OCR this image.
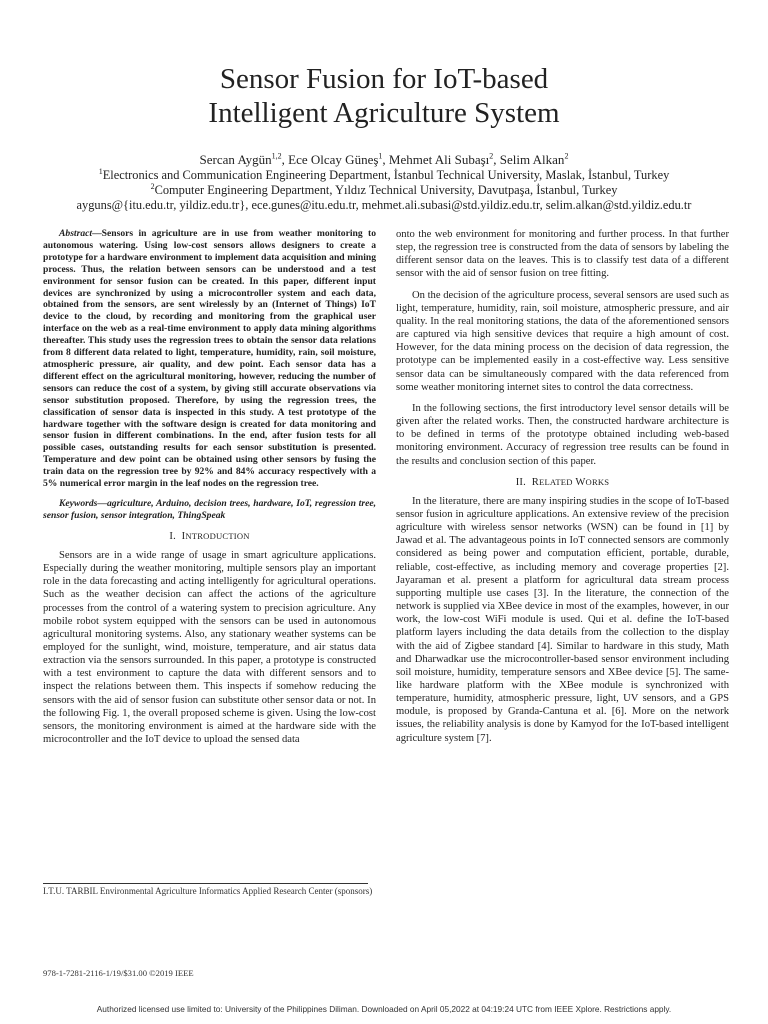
Sensor Fusion for IoT-based
Intelligent Agriculture System
Sercan Aygün$^{1,2}$, Ece Olcay Güneş$^1$, Mehmet Ali Subaşı$^2$, Selim Alkan$^2$
$^1$Electronics and Communication Engineering Department, İstanbul Technical University, Maslak, İstanbul, Turkey
$^2$Computer Engineering Department, Yıldız Technical University, Davutpaşa, İstanbul, Turkey
ayguns@{itu.edu.tr, yildiz.edu.tr}, ece.gunes@itu.edu.tr, mehmet.ali.subasi@std.yildiz.edu.tr, selim.alkan@std.yildiz.edu.tr

Abstract—Sensors in agriculture are in use from weather monitoring to autonomous watering. Using low-cost sensors allows designers to create a prototype for a hardware environment to implement data acquisition and mining process. Thus, the relation between sensors can be understood and a test environment for sensor fusion can be created. In this paper, different input devices are synchronized by using a microcontroller system and each data, obtained from the sensors, are sent wirelessly by an (Internet of Things) IoT device to the cloud, by recording and monitoring from the graphical user interface on the web as a real-time environment to apply data mining algorithms thereafter. This study uses the regression trees to obtain the sensor data relations from 8 different data related to light, temperature, humidity, rain, soil moisture, atmospheric pressure, air quality, and dew point. Each sensor data has a different effect on the agricultural monitoring, however, reducing the number of sensors can reduce the cost of a system, by giving still accurate observations via sensor substitution proposed. Therefore, by using the regression trees, the classification of sensor data is inspected in this study. A test prototype of the hardware together with the software design is created for data monitoring and sensor fusion in different combinations. In the end, after fusion tests for all possible cases, outstanding results for each sensor substitution is presented. Temperature and dew point can be obtained using other sensors by fusing the train data on the regression tree by 92% and 84% accuracy respectively with a 5% numerical error margin in the leaf nodes on the regression tree.

Keywords—agriculture, Arduino, decision trees, hardware, IoT, regression tree, sensor fusion, sensor integration, ThingSpeak

I. INTRODUCTION

Sensors are in a wide range of usage in smart agriculture applications. Especially during the weather monitoring, multiple sensors play an important role in the data forecasting and acting intelligently for agricultural operations. Such as the weather decision can affect the actions of the agriculture processes from the control of a watering system to precision agriculture. Any mobile robot system equipped with the sensors can be used in autonomous agricultural monitoring systems. Also, any stationary weather systems can be employed for the sunlight, wind, moisture, temperature, and air status data extraction via the sensors surrounded. In this paper, a prototype is constructed with a test environment to capture the data with different sensors and to inspect the relations between them. This inspects if somehow reducing the sensors with the aid of sensor fusion can substitute other sensor data or not. In the following Fig. 1, the overall proposed scheme is given. Using the low-cost sensors, the monitoring environment is aimed at the hardware side with the microcontroller and the IoT device to upload the sensed data

onto the web environment for monitoring and further process. In that further step, the regression tree is constructed from the data of sensors by labeling the different sensor data on the leaves. This is to classify test data of a different sensor with the aid of sensor fusion on tree fitting.

On the decision of the agriculture process, several sensors are used such as light, temperature, humidity, rain, soil moisture, atmospheric pressure, and air quality. In the real monitoring stations, the data of the aforementioned sensors are captured via high sensitive devices that require a high amount of cost. However, for the data mining process on the decision of data regression, the prototype can be implemented easily in a cost-effective way. Less sensitive sensor data can be simultaneously compared with the data referenced from some weather monitoring internet sites to control the data correctness.

In the following sections, the first introductory level sensor details will be given after the related works. Then, the constructed hardware architecture is to be defined in terms of the prototype obtained including web-based monitoring environment. Accuracy of regression tree results can be found in the results and conclusion section of this paper.

II. RELATED WORKS

In the literature, there are many inspiring studies in the scope of IoT-based sensor fusion in agriculture applications. An extensive review of the precision agriculture with wireless sensor networks (WSN) can be found in [1] by Jawad et al. The advantageous points in IoT connected sensors are commonly considered as being power and computation efficient, portable, durable, reliable, cost-effective, as including memory and coverage properties [2]. Jayaraman et al. present a platform for agricultural data stream process supporting multiple use cases [3]. In the literature, the connection of the network is supplied via XBee device in most of the examples, however, in our work, the low-cost WiFi module is used. Qui et al. define the IoT-based platform layers including the data details from the collection to the display with the aid of Zigbee standard [4]. Similar to hardware in this study, Math and Dharwadkar use the microcontroller-based sensor environment including soil moisture, humidity, temperature sensors and XBee device [5]. The same-like hardware platform with the XBee module is synchronized with temperature, humidity, atmospheric pressure, light, UV sensors, and a GPS module, is proposed by Granda-Cantuna et al. [6]. More on the network issues, the reliability analysis is done by Kamyod for the IoT-based intelligent agriculture system [7].

I.T.U. TARBIL Environmental Agriculture Informatics Applied Research Center (sponsors)
978-1-7281-2116-1/19/$31.00 ©2019 IEEE
Authorized licensed use limited to: University of the Philippines Diliman. Downloaded on April 05,2022 at 04:19:24 UTC from IEEE Xplore. Restrictions apply.
